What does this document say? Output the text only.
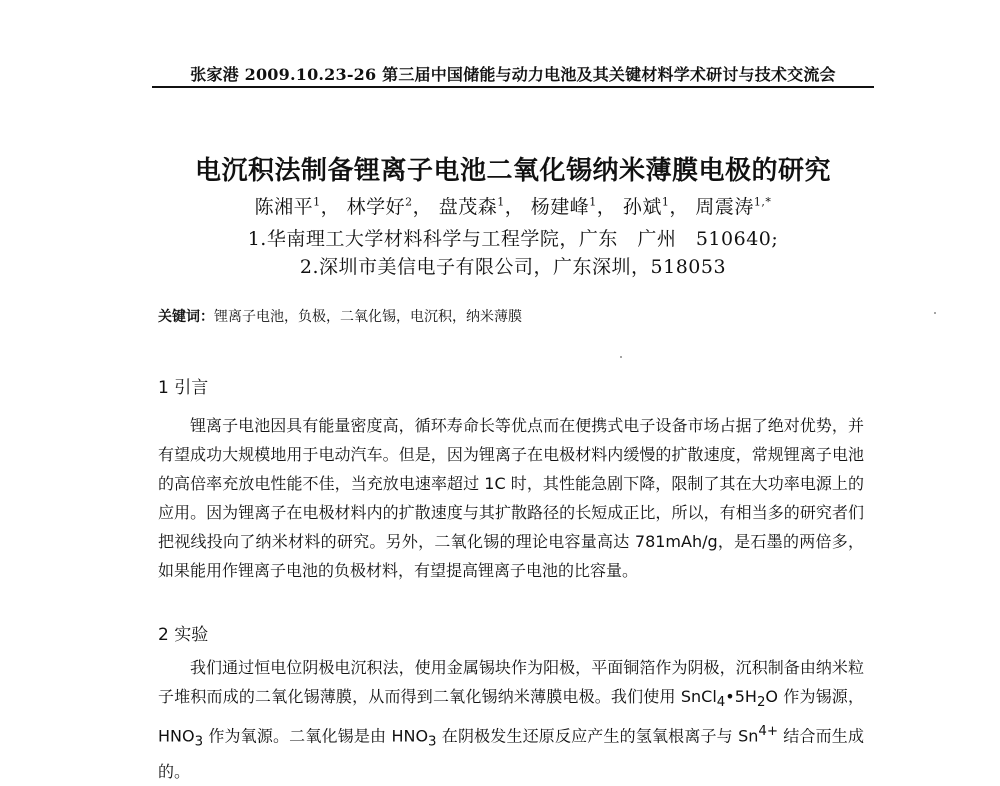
张家港 2009.10.23-26 第三届中国储能与动力电池及其关键材料学术研讨与技术交流会
电沉积法制备锂离子电池二氧化锡纳米薄膜电极的研究
陈湘平$^1$， 林学好$^2$， 盘茂森$^1$， 杨建峰$^1$， 孙斌$^1$， 周震涛$^{1,*}$
1.华南理工大学材料科学与工程学院，广东　广州　510640;
2.深圳市美信电子有限公司，广东深圳，518053
关键词：锂离子电池，负极，二氧化锡，电沉积，纳米薄膜
1 引言

锂离子电池因具有能量密度高，循环寿命长等优点而在便携式电子设备市场占据了绝对优势，并有望成功大规模地用于电动汽车。但是，因为锂离子在电极材料内缓慢的扩散速度，常规锂离子电池的高倍率充放电性能不佳，当充放电速率超过 1C 时，其性能急剧下降，限制了其在大功率电源上的应用。因为锂离子在电极材料内的扩散速度与其扩散路径的长短成正比，所以，有相当多的研究者们把视线投向了纳米材料的研究。另外，二氧化锡的理论电容量高达 781mAh/g，是石墨的两倍多，如果能用作锂离子电池的负极材料，有望提高锂离子电池的比容量。

2 实验

我们通过恒电位阴极电沉积法，使用金属锡块作为阳极，平面铜箔作为阴极，沉积制备由纳米粒子堆积而成的二氧化锡薄膜，从而得到二氧化锡纳米薄膜电极。我们使用 $SnCl_4•5H_2O$ 作为锡源，$HNO_3$ 作为氧源。二氧化锡是由 $HNO_3$ 在阴极发生还原反应产生的氢氧根离子与 $Sn^{4+}$ 结合而生成的。
